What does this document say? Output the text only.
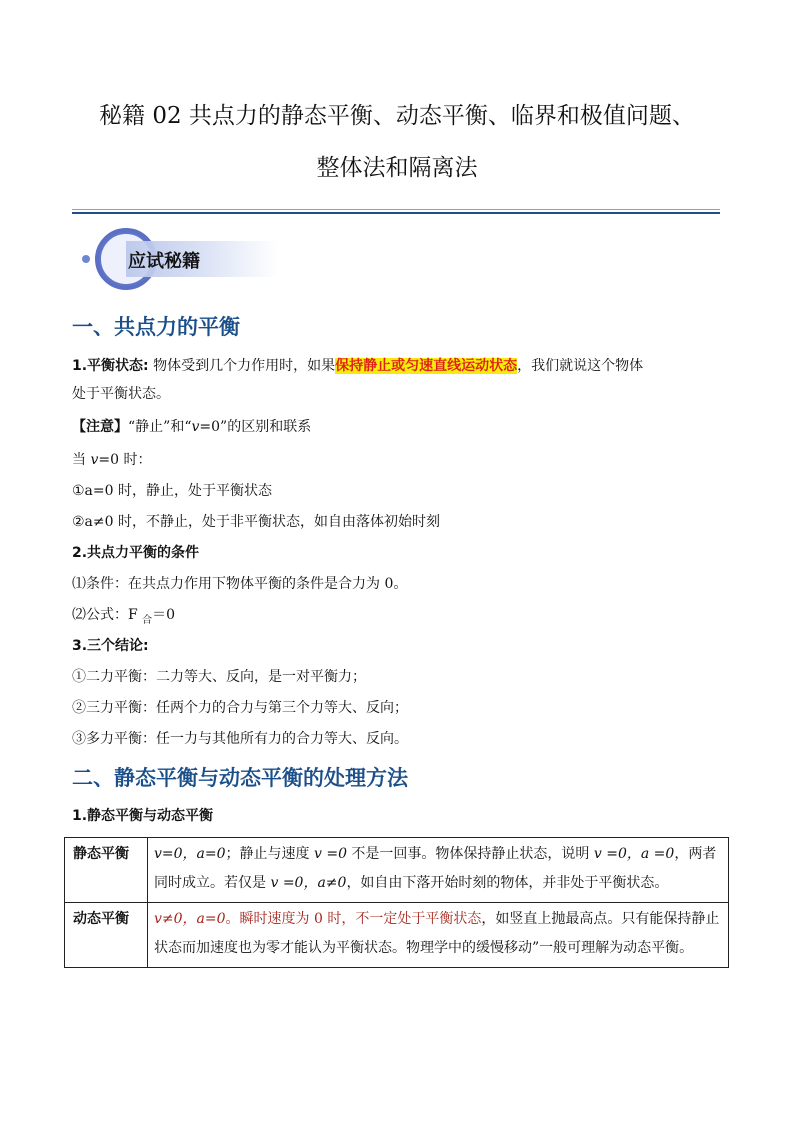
秘籍 02 共点力的静态平衡、动态平衡、临界和极值问题、
整体法和隔离法
应试秘籍
一、共点力的平衡
1.平衡状态: 物体受到几个力作用时，如果保持静止或匀速直线运动状态，我们就说这个物体
处于平衡状态。
【注意】“静止”和“v=0”的区别和联系
当 v=0 时：
①a=0 时，静止，处于平衡状态
②a≠0 时，不静止，处于非平衡状态，如自由落体初始时刻
2.共点力平衡的条件
⑴条件：在共点力作用下物体平衡的条件是合力为 0。
⑵公式：F $_合$＝0
3.三个结论:
①二力平衡：二力等大、反向，是一对平衡力；
②三力平衡：任两个力的合力与第三个力等大、反向；
③多力平衡：任一力与其他所有力的合力等大、反向。
二、静态平衡与动态平衡的处理方法
1.静态平衡与动态平衡
静态平衡	v=0，a=0；静止与速度 v =0 不是一回事。物体保持静止状态，说明 v =0，a =0，两者同时成立。若仅是 v =0，a≠0，如自由下落开始时刻的物体，并非处于平衡状态。
动态平衡	v≠0，a=0。瞬时速度为 0 时，不一定处于平衡状态，如竖直上抛最高点。只有能保持静止状态而加速度也为零才能认为平衡状态。物理学中的缓慢移动”一般可理解为动态平衡。
